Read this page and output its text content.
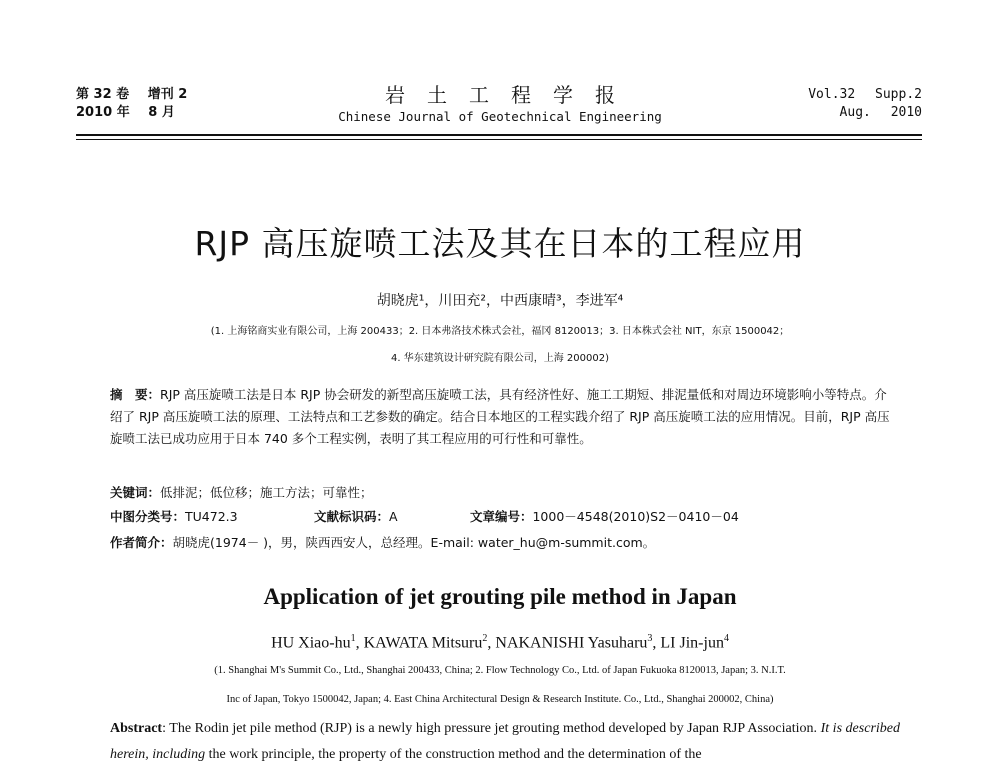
第 32 卷 增刊 2
2010 年 8 月
岩土工程学报
Chinese Journal of Geotechnical Engineering
Vol.32 Supp.2
Aug. 2010
RJP 高压旋喷工法及其在日本的工程应用
胡晓虎¹，川田充²，中西康晴³，李进军⁴
(1. 上海铭商实业有限公司，上海 200433；2. 日本弗洛技术株式会社，福冈 8120013；3. 日本株式会社 NIT，东京 1500042；
4. 华东建筑设计研究院有限公司，上海 200002)
摘　要：RJP 高压旋喷工法是日本 RJP 协会研发的新型高压旋喷工法，具有经济性好、施工工期短、排泥量低和对周边环境影响小等特点。介绍了 RJP 高压旋喷工法的原理、工法特点和工艺参数的确定。结合日本地区的工程实践介绍了 RJP 高压旋喷工法的应用情况。目前，RJP 高压旋喷工法已成功应用于日本 740 多个工程实例，表明了其工程应用的可行性和可靠性。
关键词：低排泥；低位移；施工方法；可靠性；
中图分类号：TU472.3	文献标识码：A	文章编号：1000－4548(2010)S2－0410－04
作者简介：胡晓虎(1974－ )，男，陕西西安人，总经理。E-mail: water_hu@m-summit.com。
Application of jet grouting pile method in Japan
HU Xiao-$hu^1$, KAWATA Mitsuru$^2$, NAKANISHI Yasuharu$^3$, LI Jin-jun$^4$
(1. Shanghai M's Summit Co., Ltd., Shanghai 200433, China; 2. Flow Technology Co., Ltd. of Japan Fukuoka 8120013, Japan; 3. N.I.T.
Inc of Japan, Tokyo 1500042, Japan; 4. East China Architectural Design & Research Institute. Co., Ltd., Shanghai 200002, China)
Abstract: The Rodin jet pile method (RJP) is a newly high pressure jet grouting method developed by Japan RJP Association. It is described herein, including the work principle, the property of the construction method and the determination of the
